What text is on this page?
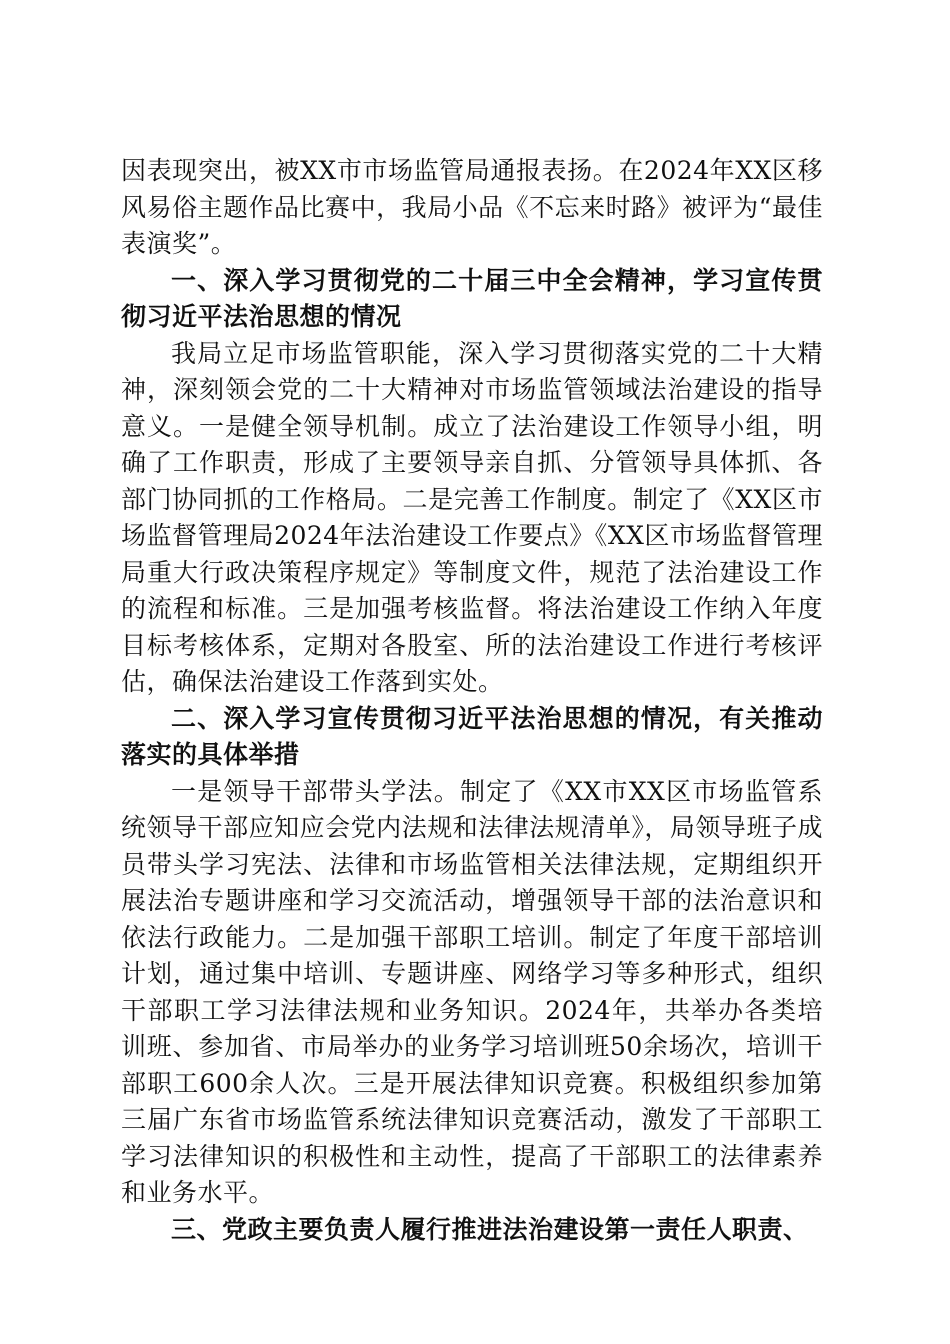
因表现突出，被XX市市场监管局通报表扬。在2024年XX区移风易俗主题作品比赛中，我局小品《不忘来时路》被评为“最佳表演奖”。

一、深入学习贯彻党的二十届三中全会精神，学习宣传贯彻习近平法治思想的情况

我局立足市场监管职能，深入学习贯彻落实党的二十大精神，深刻领会党的二十大精神对市场监管领域法治建设的指导意义。一是健全领导机制。成立了法治建设工作领导小组，明确了工作职责，形成了主要领导亲自抓、分管领导具体抓、各部门协同抓的工作格局。二是完善工作制度。制定了《XX区市场监督管理局2024年法治建设工作要点》《XX区市场监督管理局重大行政决策程序规定》等制度文件，规范了法治建设工作的流程和标准。三是加强考核监督。将法治建设工作纳入年度目标考核体系，定期对各股室、所的法治建设工作进行考核评估，确保法治建设工作落到实处。

二、深入学习宣传贯彻习近平法治思想的情况，有关推动落实的具体举措

一是领导干部带头学法。制定了《XX市XX区市场监管系统领导干部应知应会党内法规和法律法规清单》，局领导班子成员带头学习宪法、法律和市场监管相关法律法规，定期组织开展法治专题讲座和学习交流活动，增强领导干部的法治意识和依法行政能力。二是加强干部职工培训。制定了年度干部培训计划，通过集中培训、专题讲座、网络学习等多种形式，组织干部职工学习法律法规和业务知识。2024年，共举办各类培训班、参加省、市局举办的业务学习培训班50余场次，培训干部职工600余人次。三是开展法律知识竞赛。积极组织参加第三届广东省市场监管系统法律知识竞赛活动，激发了干部职工学习法律知识的积极性和主动性，提高了干部职工的法律素养和业务水平。

三、党政主要负责人履行推进法治建设第一责任人职责、
